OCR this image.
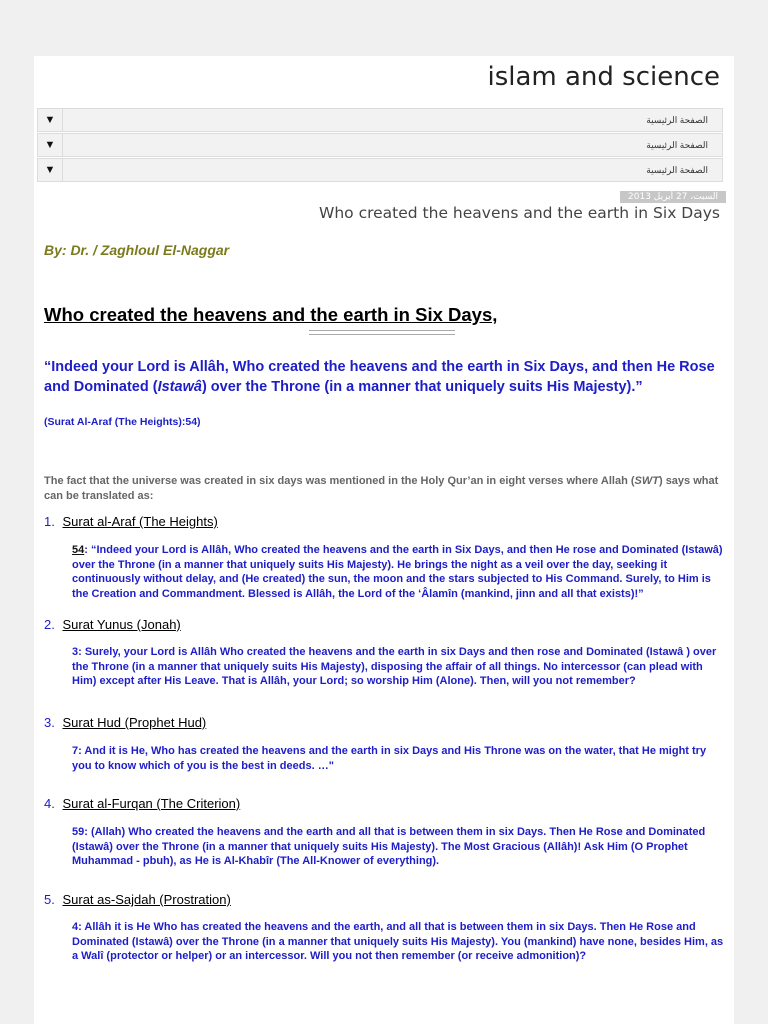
islam and science
▼	الصفحة الرئيسية
▼	الصفحة الرئيسية
▼	الصفحة الرئيسية
السبت، 27 أبريل 2013
Who created the heavens and the earth in Six Days
By: Dr. / Zaghloul El-Naggar
Who created the heavens and the earth in Six Days,
“Indeed your Lord is Allâh, Who created the heavens and the earth in Six Days, and then He Rose and Dominated (Istawâ) over the Throne (in a manner that uniquely suits His Majesty).”
(Surat Al-Araf (The Heights):54)
The fact that the universe was created in six days was mentioned in the Holy Qur’an in eight verses where Allah (SWT) says what can be translated as:
1. Surat al-Araf (The Heights)
54: “Indeed your Lord is Allâh, Who created the heavens and the earth in Six Days, and then He rose and Dominated (Istawâ) over the Throne (in a manner that uniquely suits His Majesty). He brings the night as a veil over the day, seeking it continuously without delay, and (He created) the sun, the moon and the stars subjected to His Command. Surely, to Him is the Creation and Commandment. Blessed is Allâh, the Lord of the ‘Âlamîn (mankind, jinn and all that exists)!”
2. Surat Yunus (Jonah)
3: Surely, your Lord is Allâh Who created the heavens and the earth in six Days and then rose and Dominated (Istawâ ) over the Throne (in a manner that uniquely suits His Majesty), disposing the affair of all things. No intercessor (can plead with Him) except after His Leave. That is Allâh, your Lord; so worship Him (Alone). Then, will you not remember?
3. Surat Hud (Prophet Hud)
7: And it is He, Who has created the heavens and the earth in six Days and His Throne was on the water, that He might try you to know which of you is the best in deeds. …"
4. Surat al-Furqan (The Criterion)
59: (Allah) Who created the heavens and the earth and all that is between them in six Days. Then He Rose and Dominated (Istawâ) over the Throne (in a manner that uniquely suits His Majesty). The Most Gracious (Allâh)! Ask Him (O Prophet Muhammad - pbuh), as He is Al-Khabîr (The All-Knower of everything).
5. Surat as-Sajdah (Prostration)
4: Allâh it is He Who has created the heavens and the earth, and all that is between them in six Days. Then He Rose and Dominated (Istawâ) over the Throne (in a manner that uniquely suits His Majesty). You (mankind) have none, besides Him, as a Walî (protector or helper) or an intercessor. Will you not then remember (or receive admonition)?
